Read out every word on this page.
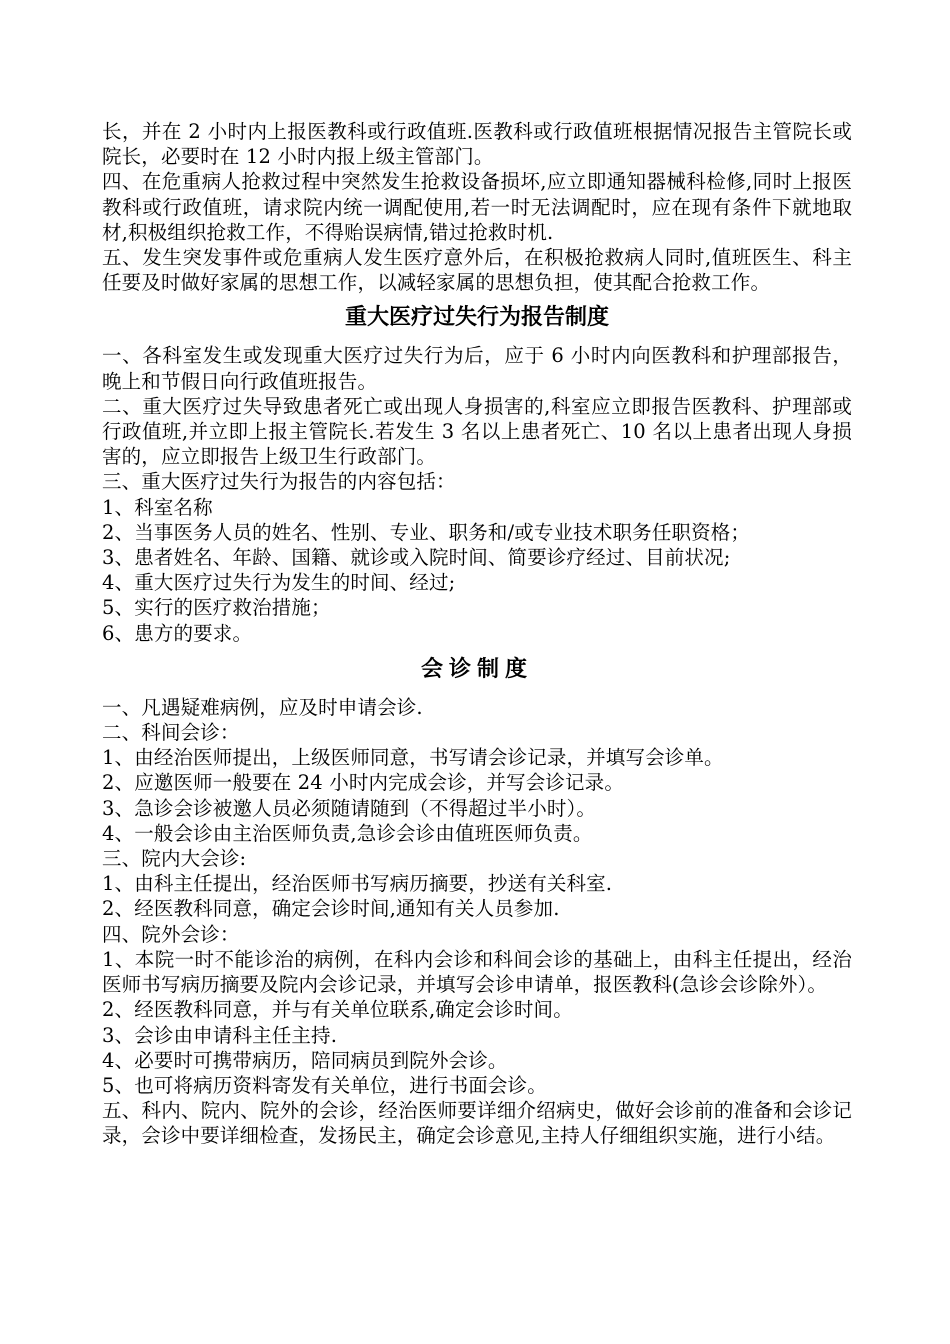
长，并在 2 小时内上报医教科或行政值班.医教科或行政值班根据情况报告主管院长或院长，必要时在 12 小时内报上级主管部门。

四、在危重病人抢救过程中突然发生抢救设备损坏,应立即通知器械科检修,同时上报医教科或行政值班，请求院内统一调配使用,若一时无法调配时，应在现有条件下就地取材,积极组织抢救工作，不得贻误病情,错过抢救时机.

五、发生突发事件或危重病人发生医疗意外后，在积极抢救病人同时,值班医生、科主任要及时做好家属的思想工作，以减轻家属的思想负担，使其配合抢救工作。

重大医疗过失行为报告制度

一、各科室发生或发现重大医疗过失行为后，应于 6 小时内向医教科和护理部报告，晚上和节假日向行政值班报告。

二、重大医疗过失导致患者死亡或出现人身损害的,科室应立即报告医教科、护理部或行政值班,并立即上报主管院长.若发生 3 名以上患者死亡、10 名以上患者出现人身损害的，应立即报告上级卫生行政部门。

三、重大医疗过失行为报告的内容包括：

1、科室名称

2、当事医务人员的姓名、性别、专业、职务和/或专业技术职务任职资格；

3、患者姓名、年龄、国籍、就诊或入院时间、简要诊疗经过、目前状况;

4、重大医疗过失行为发生的时间、经过;

5、实行的医疗救治措施；

6、患方的要求。

会诊制度

一、凡遇疑难病例，应及时申请会诊.

二、科间会诊：

1、由经治医师提出，上级医师同意，书写请会诊记录，并填写会诊单。

2、应邀医师一般要在 24 小时内完成会诊，并写会诊记录。

3、急诊会诊被邀人员必须随请随到（不得超过半小时）。

4、一般会诊由主治医师负责,急诊会诊由值班医师负责。

三、院内大会诊:

1、由科主任提出，经治医师书写病历摘要，抄送有关科室.

2、经医教科同意，确定会诊时间,通知有关人员参加.

四、院外会诊：

1、本院一时不能诊治的病例，在科内会诊和科间会诊的基础上，由科主任提出，经治医师书写病历摘要及院内会诊记录，并填写会诊申请单，报医教科(急诊会诊除外）。

2、经医教科同意，并与有关单位联系,确定会诊时间。

3、会诊由申请科主任主持.

4、必要时可携带病历，陪同病员到院外会诊。

5、也可将病历资料寄发有关单位，进行书面会诊。

五、科内、院内、院外的会诊，经治医师要详细介绍病史，做好会诊前的准备和会诊记录，会诊中要详细检查，发扬民主，确定会诊意见,主持人仔细组织实施，进行小结。
